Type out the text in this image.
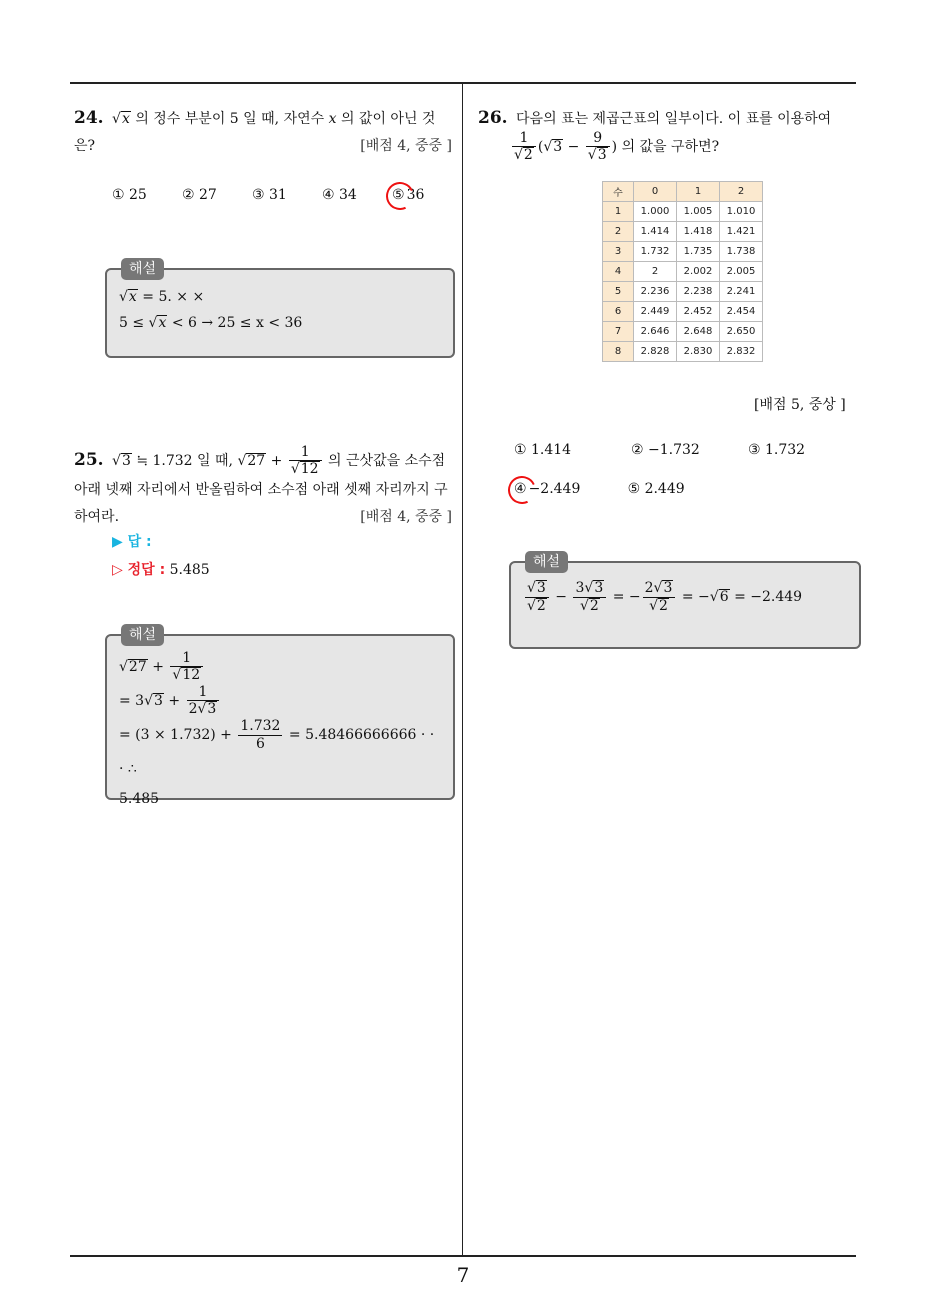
7
24. √x 의 정수 부분이 5 일 때, 자연수 x 의 값이 아닌 것은?	[배점 4, 중중 ]
① 25	② 27	③ 31	④ 34	⑤ 36
해설
√x = 5. × ×
5 ≤ √x < 6 → 25 ≤ x < 36
25. √3 ≒ 1.732 일 때, $√27 + \frac{1}{√12}$ 의 근삿값을 소수점 아래 넷째 자리에서 반올림하여 소수점 아래 셋째 자리까지 구하여라.	[배점 4, 중중 ]
▶ 답 :
▷ 정답 : 5.485
해설
$√27 + \frac{1}{√12}$
= $3√3 + \frac{1}{2√3}$
= $(3 \times 1.732) + \frac{1.732}{6} = 5.48466666666$ · · · ∴
5.485
26. 다음의 표는 제곱근표의 일부이다. 이 표를 이용하여
$\frac{1}{√2} (√3 - \frac{9}{√3}$ ) 의 값을 구하면?
수	0	1	2
1	1.000	1.005	1.010
2	1.414	1.418	1.421
3	1.732	1.735	1.738
4	2	2.002	2.005
5	2.236	2.238	2.241
6	2.449	2.452	2.454
7	2.646	2.648	2.650
8	2.828	2.830	2.832
[배점 5, 중상 ]
① 1.414	② −1.732	③ 1.732
④ −2.449	⑤ 2.449
해설
$\frac{√3}{√2} - \frac{3√3}{√2}$ = − $\frac{2√3}{√2} = -√6 = -2.449$
